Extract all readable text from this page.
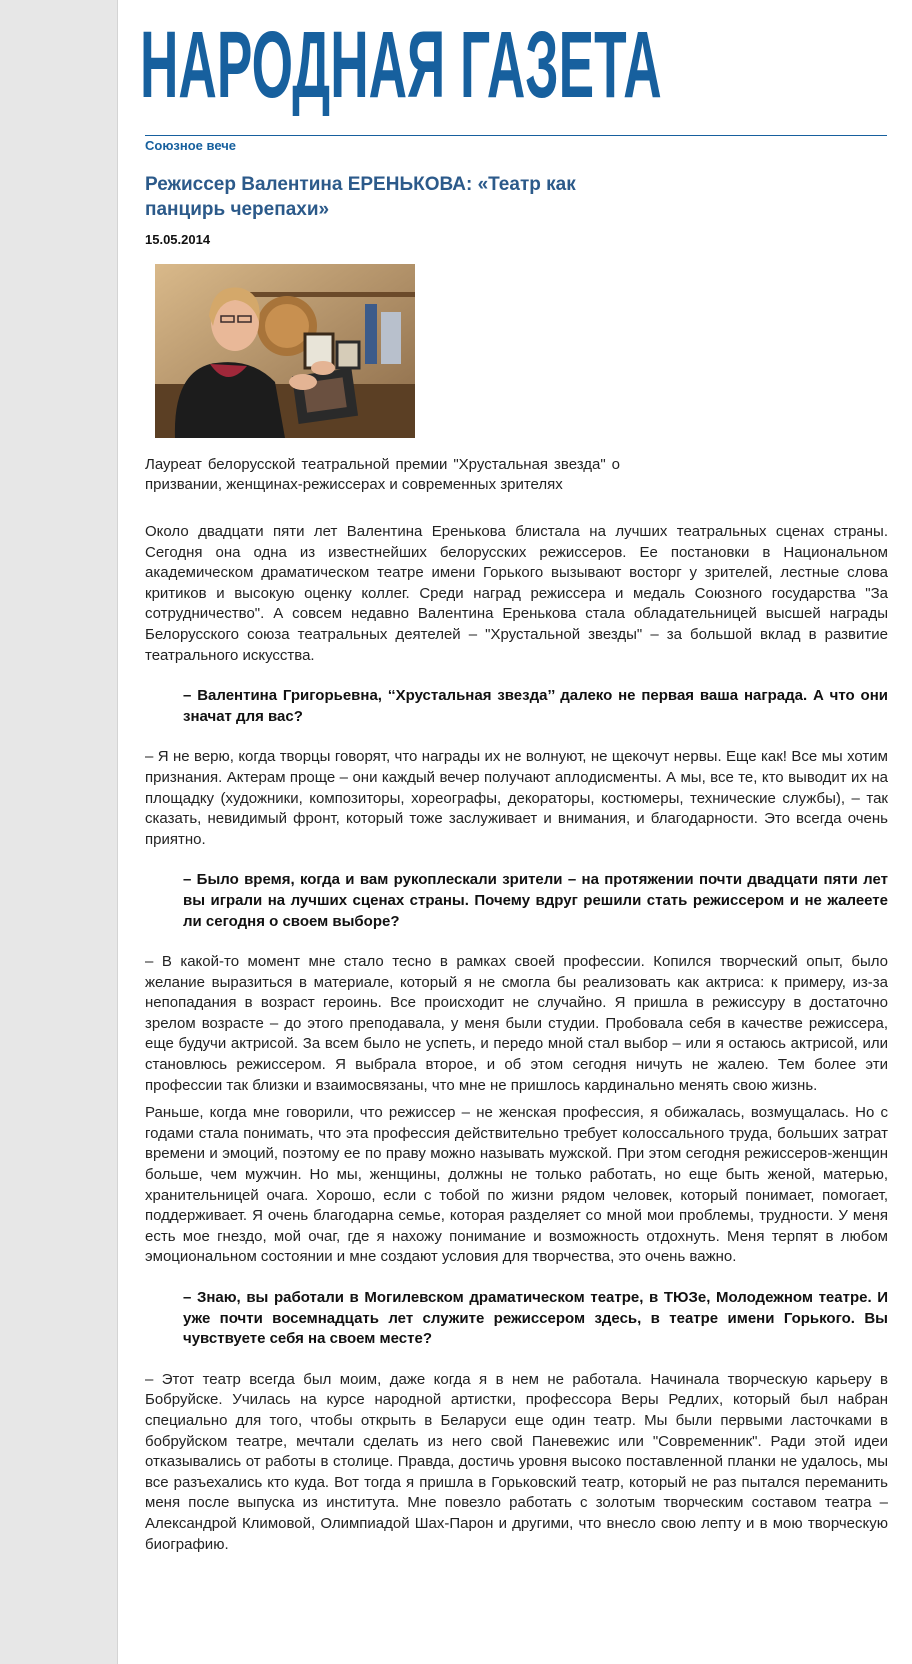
НАРОДНАЯ ГАЗЕТА
Союзное вече
Режиссер Валентина ЕРЕНЬКОВА: «Театр как панцирь черепахи»
15.05.2014
Лауреат белорусской театральной премии "Хрустальная звезда" о призвании, женщинах-режиссерах и современных зрителях

Около двадцати пяти лет Валентина Еренькова блистала на лучших театральных сценах страны. Сегодня она одна из известнейших белорусских режиссеров. Ее постановки в Национальном академическом драматическом театре имени Горького вызывают восторг у зрителей, лестные слова критиков и высокую оценку коллег. Среди наград режиссера и медаль Союзного государства "За сотрудничество". А совсем недавно Валентина Еренькова стала обладательницей высшей награды Белорусского союза театральных деятелей – "Хрустальной звезды" – за большой вклад в развитие театрального искусства.

– Валентина Григорьевна, ‘‘Хрустальная звезда’’ далеко не первая ваша награда. А что они значат для вас?

– Я не верю, когда творцы говорят, что награды их не волнуют, не щекочут нервы. Еще как! Все мы хотим признания. Актерам проще – они каждый вечер получают аплодисменты. А мы, все те, кто выводит их на площадку (художники, композиторы, хореографы, декораторы, костюмеры, технические службы), – так сказать, невидимый фронт, который тоже заслуживает и внимания, и благодарности. Это всегда очень приятно.

– Было время, когда и вам рукоплескали зрители – на протяжении почти двадцати пяти лет вы играли на лучших сценах страны. Почему вдруг решили стать режиссером и не жалеете ли сегодня о своем выборе?

– В какой-то момент мне стало тесно в рамках своей профессии. Копился творческий опыт, было желание выразиться в материале, который я не смогла бы реализовать как актриса: к примеру, из-за непопадания в возраст героинь. Все происходит не случайно. Я пришла в режиссуру в достаточно зрелом возрасте – до этого преподавала, у меня были студии. Пробовала себя в качестве режиссера, еще будучи актрисой. За всем было не успеть, и передо мной стал выбор – или я остаюсь актрисой, или становлюсь режиссером. Я выбрала второе, и об этом сегодня ничуть не жалею. Тем более эти профессии так близки и взаимосвязаны, что мне не пришлось кардинально менять свою жизнь.

Раньше, когда мне говорили, что режиссер – не женская профессия, я обижалась, возмущалась. Но с годами стала понимать, что эта профессия действительно требует колоссального труда, больших затрат времени и эмоций, поэтому ее по праву можно называть мужской. При этом сегодня режиссеров-женщин больше, чем мужчин. Но мы, женщины, должны не только работать, но еще быть женой, матерью, хранительницей очага. Хорошо, если с тобой по жизни рядом человек, который понимает, помогает, поддерживает. Я очень благодарна семье, которая разделяет со мной мои проблемы, трудности. У меня есть мое гнездо, мой очаг, где я нахожу понимание и возможность отдохнуть. Меня терпят в любом эмоциональном состоянии и мне создают условия для творчества, это очень важно.

– Знаю, вы работали в Могилевском драматическом театре, в ТЮЗе, Молодежном театре. И уже почти восемнадцать лет служите режиссером здесь, в театре имени Горького. Вы чувствуете себя на своем месте?

– Этот театр всегда был моим, даже когда я в нем не работала. Начинала творческую карьеру в Бобруйске. Училась на курсе народной артистки, профессора Веры Редлих, который был набран специально для того, чтобы открыть в Беларуси еще один театр. Мы были первыми ласточками в бобруйском театре, мечтали сделать из него свой Паневежис или "Современник". Ради этой идеи отказывались от работы в столице. Правда, достичь уровня высоко поставленной планки не удалось, мы все разъехались кто куда. Вот тогда я пришла в Горьковский театр, который не раз пытался переманить меня после выпуска из института. Мне повезло работать с золотым творческим составом театра – Александрой Климовой, Олимпиадой Шах-Парон и другими, что внесло свою лепту и в мою творческую биографию.
